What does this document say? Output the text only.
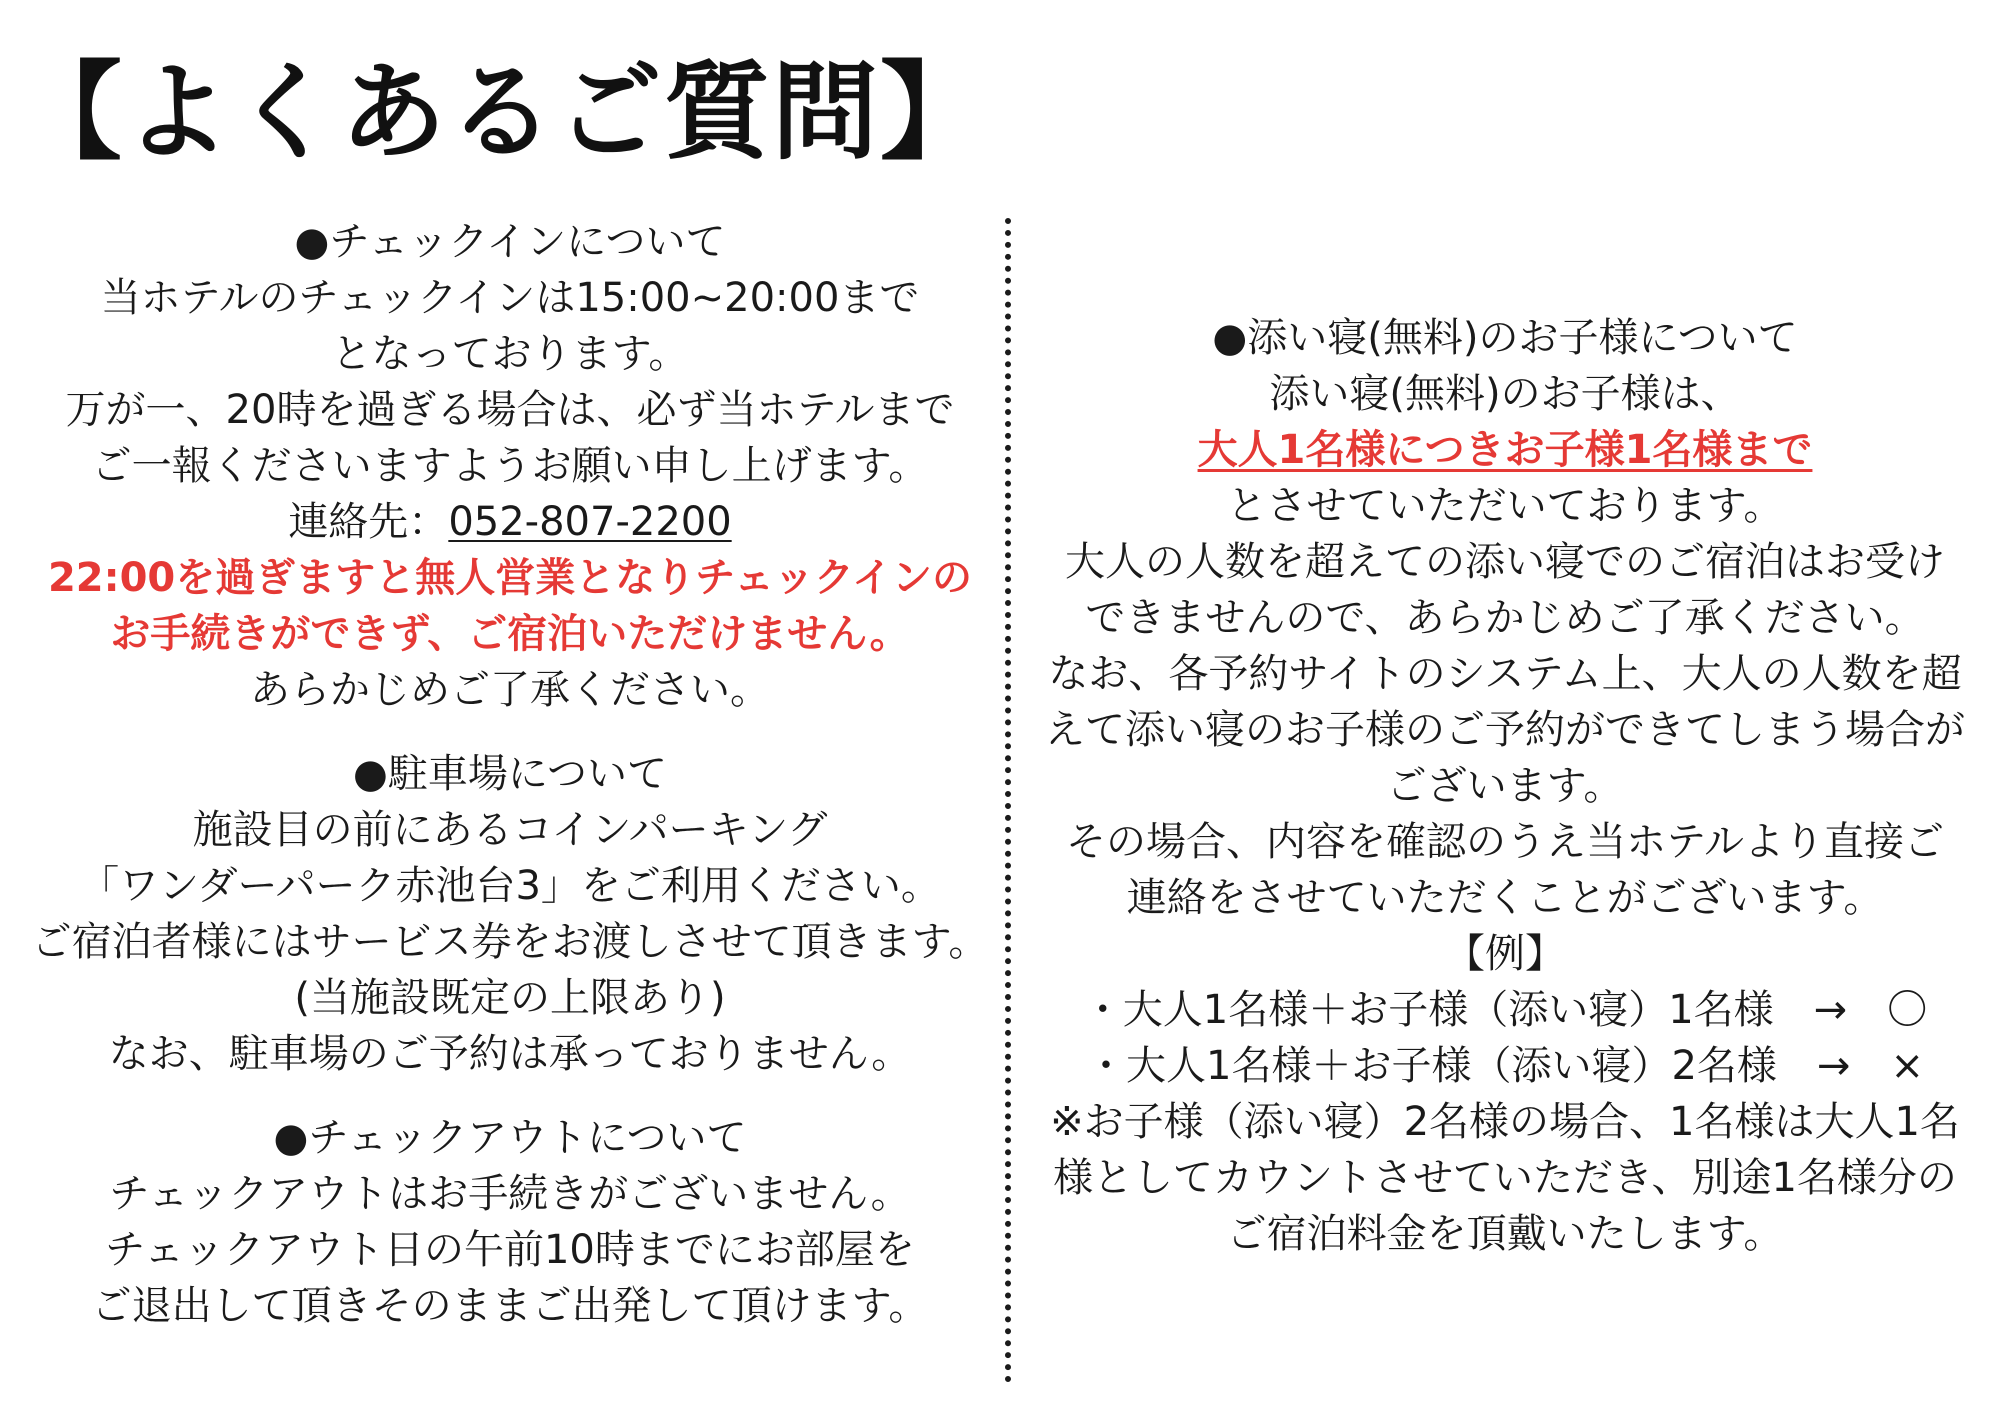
【よくあるご質問】
●チェックインについて
当ホテルのチェックインは15:00~20:00まで
となっております。
万が一、20時を過ぎる場合は、必ず当ホテルまで
ご一報くださいますようお願い申し上げます。
連絡先：052-807-2200
22:00を過ぎますと無人営業となりチェックインの
お手続きができず、ご宿泊いただけません。
あらかじめご了承ください。
●駐車場について
施設目の前にあるコインパーキング
「ワンダーパーク赤池台3」をご利用ください。
ご宿泊者様にはサービス券をお渡しさせて頂きます。
(当施設既定の上限あり)
なお、駐車場のご予約は承っておりません。
●チェックアウトについて
チェックアウトはお手続きがございません。
チェックアウト日の午前10時までにお部屋を
ご退出して頂きそのままご出発して頂けます。
●添い寝(無料)のお子様について
添い寝(無料)のお子様は、
大人1名様につきお子様1名様まで
とさせていただいております。
大人の人数を超えての添い寝でのご宿泊はお受け
できませんので、あらかじめご了承ください。
なお、各予約サイトのシステム上、大人の人数を超
えて添い寝のお子様のご予約ができてしまう場合が
ございます。
その場合、内容を確認のうえ当ホテルより直接ご
連絡をさせていただくことがございます。
【例】
・大人1名様＋お子様（添い寝）1名様　→　〇
・大人1名様＋お子様（添い寝）2名様　→　×
※お子様（添い寝）2名様の場合、1名様は大人1名
様としてカウントさせていただき、別途1名様分の
ご宿泊料金を頂戴いたします。
